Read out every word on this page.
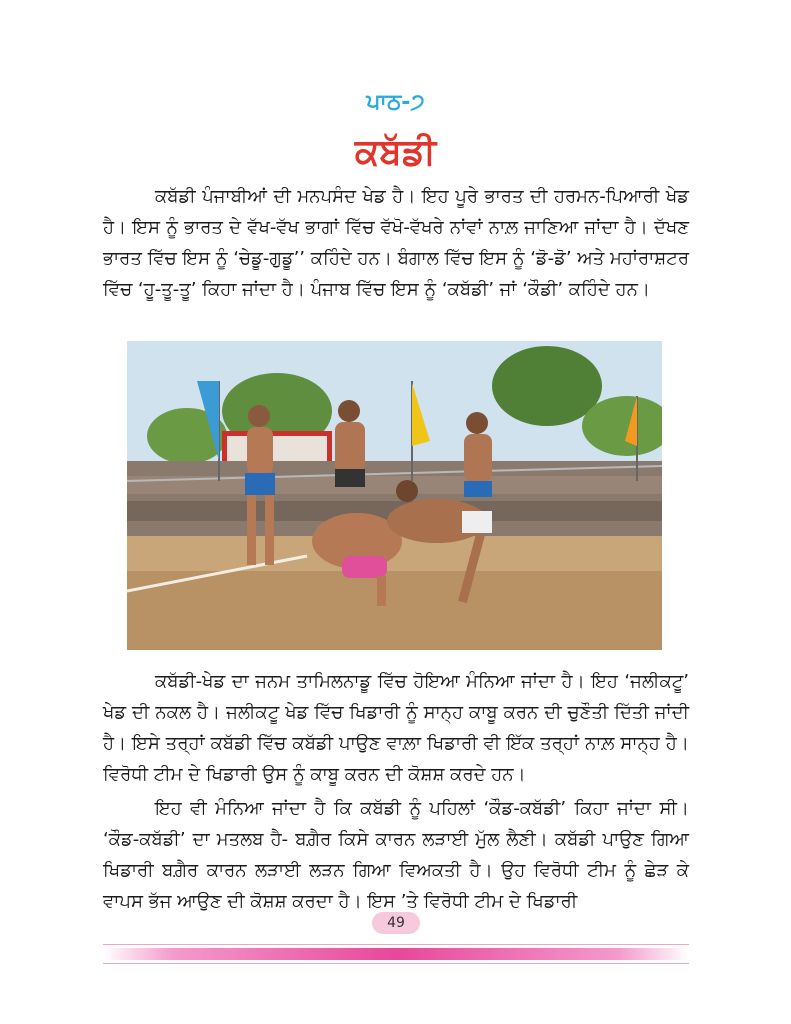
ਪਾਠ-੭
ਕਬੱਡੀ

ਕਬੱਡੀ ਪੰਜਾਬੀਆਂ ਦੀ ਮਨਪਸੰਦ ਖੇਡ ਹੈ। ਇਹ ਪੂਰੇ ਭਾਰਤ ਦੀ ਹਰਮਨ-ਪਿਆਰੀ ਖੇਡ ਹੈ। ਇਸ ਨੂੰ ਭਾਰਤ ਦੇ ਵੱਖ-ਵੱਖ ਭਾਗਾਂ ਵਿੱਚ ਵੱਖੋ-ਵੱਖਰੇ ਨਾਂਵਾਂ ਨਾਲ਼ ਜਾਣਿਆ ਜਾਂਦਾ ਹੈ। ਦੱਖਣ ਭਾਰਤ ਵਿੱਚ ਇਸ ਨੂੰ ‘ਚੇਡੂ-ਗੁਡੂ’’ ਕਹਿੰਦੇ ਹਨ। ਬੰਗਾਲ ਵਿੱਚ ਇਸ ਨੂੰ ‘ਡੋ-ਡੋ’ ਅਤੇ ਮਹਾਂਰਾਸ਼ਟਰ ਵਿੱਚ ‘ਹੂ-ਤੂ-ਤੂ’ ਕਿਹਾ ਜਾਂਦਾ ਹੈ। ਪੰਜਾਬ ਵਿੱਚ ਇਸ ਨੂੰ ‘ਕਬੱਡੀ’ ਜਾਂ ‘ਕੌਡੀ’ ਕਹਿੰਦੇ ਹਨ।

ਕਬੱਡੀ-ਖੇਡ ਦਾ ਜਨਮ ਤਾਮਿਲਨਾਡੂ ਵਿੱਚ ਹੋਇਆ ਮੰਨਿਆ ਜਾਂਦਾ ਹੈ। ਇਹ ‘ਜਲੀਕਟੂ’ ਖੇਡ ਦੀ ਨਕਲ ਹੈ। ਜਲੀਕਟੂ ਖੇਡ ਵਿੱਚ ਖਿਡਾਰੀ ਨੂੰ ਸਾਨ੍ਹ ਕਾਬੂ ਕਰਨ ਦੀ ਚੁਣੌਤੀ ਦਿੱਤੀ ਜਾਂਦੀ ਹੈ। ਇਸੇ ਤਰ੍ਹਾਂ ਕਬੱਡੀ ਵਿੱਚ ਕਬੱਡੀ ਪਾਉਣ ਵਾਲ਼ਾ ਖਿਡਾਰੀ ਵੀ ਇੱਕ ਤਰ੍ਹਾਂ ਨਾਲ਼ ਸਾਨ੍ਹ ਹੈ। ਵਿਰੋਧੀ ਟੀਮ ਦੇ ਖਿਡਾਰੀ ਉਸ ਨੂੰ ਕਾਬੂ ਕਰਨ ਦੀ ਕੋਸ਼ਸ਼ ਕਰਦੇ ਹਨ।

ਇਹ ਵੀ ਮੰਨਿਆ ਜਾਂਦਾ ਹੈ ਕਿ ਕਬੱਡੀ ਨੂੰ ਪਹਿਲਾਂ ‘ਕੌਡ-ਕਬੱਡੀ’ ਕਿਹਾ ਜਾਂਦਾ ਸੀ। ‘ਕੌਡ-ਕਬੱਡੀ’ ਦਾ ਮਤਲਬ ਹੈ- ਬਗ਼ੈਰ ਕਿਸੇ ਕਾਰਨ ਲੜਾਈ ਮੁੱਲ ਲੈਣੀ। ਕਬੱਡੀ ਪਾਉਣ ਗਿਆ ਖਿਡਾਰੀ ਬਗ਼ੈਰ ਕਾਰਨ ਲੜਾਈ ਲੜਨ ਗਿਆ ਵਿਅਕਤੀ ਹੈ। ਉਹ ਵਿਰੋਧੀ ਟੀਮ ਨੂੰ ਛੇੜ ਕੇ ਵਾਪਸ ਭੱਜ ਆਉਣ ਦੀ ਕੋਸ਼ਸ਼ ਕਰਦਾ ਹੈ। ਇਸ ’ਤੇ ਵਿਰੋਧੀ ਟੀਮ ਦੇ ਖਿਡਾਰੀ

49
